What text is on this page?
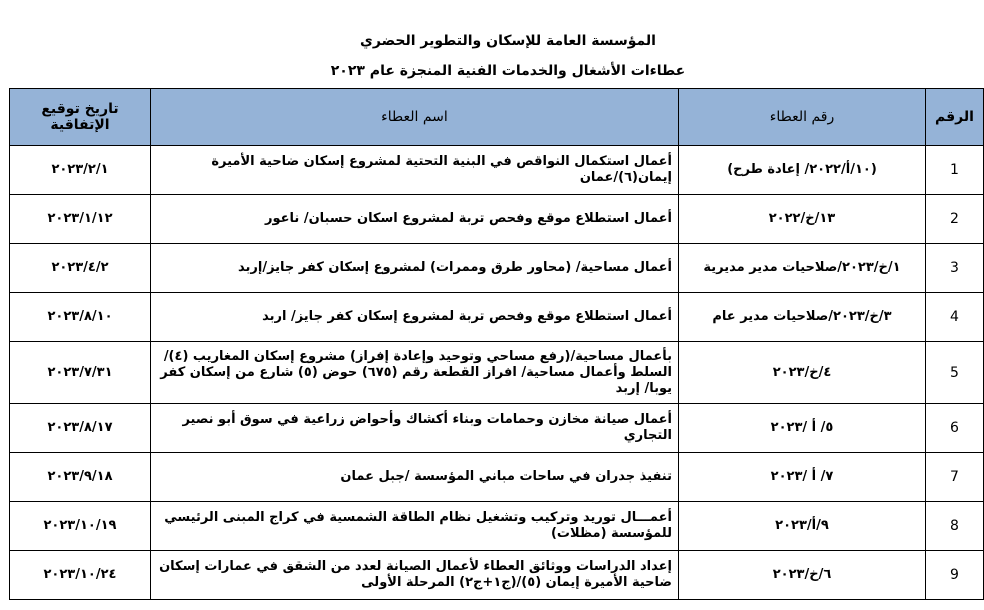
المؤسسة العامة للإسكان والتطوير الحضري
عطاءات الأشغال والخدمات الفنية المنجزة عام ٢٠٢٣
الرقم	رقم العطاء	اسم العطاء	تاريخ توقيع الإتفاقية
1	(١٠/أ/٢٠٢٢/ إعادة طرح)	أعمال استكمال النواقص في البنية التحتية لمشروع إسكان ضاحية الأميرة إيمان(٦)/عمان	٢٠٢٣/٢/١
2	١٣/خ/٢٠٢٢	أعمال استطلاع موقع وفحص تربة لمشروع اسكان حسبان/ ناعور	٢٠٢٣/١/١٢
3	١/خ/٢٠٢٣/صلاحيات مدير مديرية	أعمال مساحية/ (محاور طرق وممرات) لمشروع إسكان كفر جايز/إربد	٢٠٢٣/٤/٢
4	٣/خ/٢٠٢٣/صلاحيات مدير عام	أعمال استطلاع موقع وفحص تربة لمشروع إسكان كفر جايز/ اربد	٢٠٢٣/٨/١٠
5	٤/خ/٢٠٢٣	بأعمال مساحية/(رفع مساحي وتوحيد وإعادة إفراز) مشروع إسكان المغاريب (٤)/ السلط وأعمال مساحية/ افراز القطعة رقم (٦٧٥) حوض (٥) شارع من إسكان كفر يوبا/ إربد	٢٠٢٣/٧/٣١
6	٥/ أ /٢٠٢٣	أعمال صيانة مخازن وحمامات وبناء أكشاك وأحواض زراعية في سوق أبو نصير التجاري	٢٠٢٣/٨/١٧
7	٧/ أ /٢٠٢٣	تنفيذ جدران في ساحات مباني المؤسسة /جبل عمان	٢٠٢٣/٩/١٨
8	٩/أ/٢٠٢٣	أعمـــال توريد وتركيب وتشغيل نظام الطاقة الشمسية في كراج المبنى الرئيسي للمؤسسة (مظلات)	٢٠٢٣/١٠/١٩
9	٦/خ/٢٠٢٣	إعداد الدراسات ووثائق العطاء لأعمال الصيانة لعدد من الشقق في عمارات إسكان ضاحية الأميرة إيمان (٥)/(ج١+ج٢) المرحلة الأولى	٢٠٢٣/١٠/٢٤
